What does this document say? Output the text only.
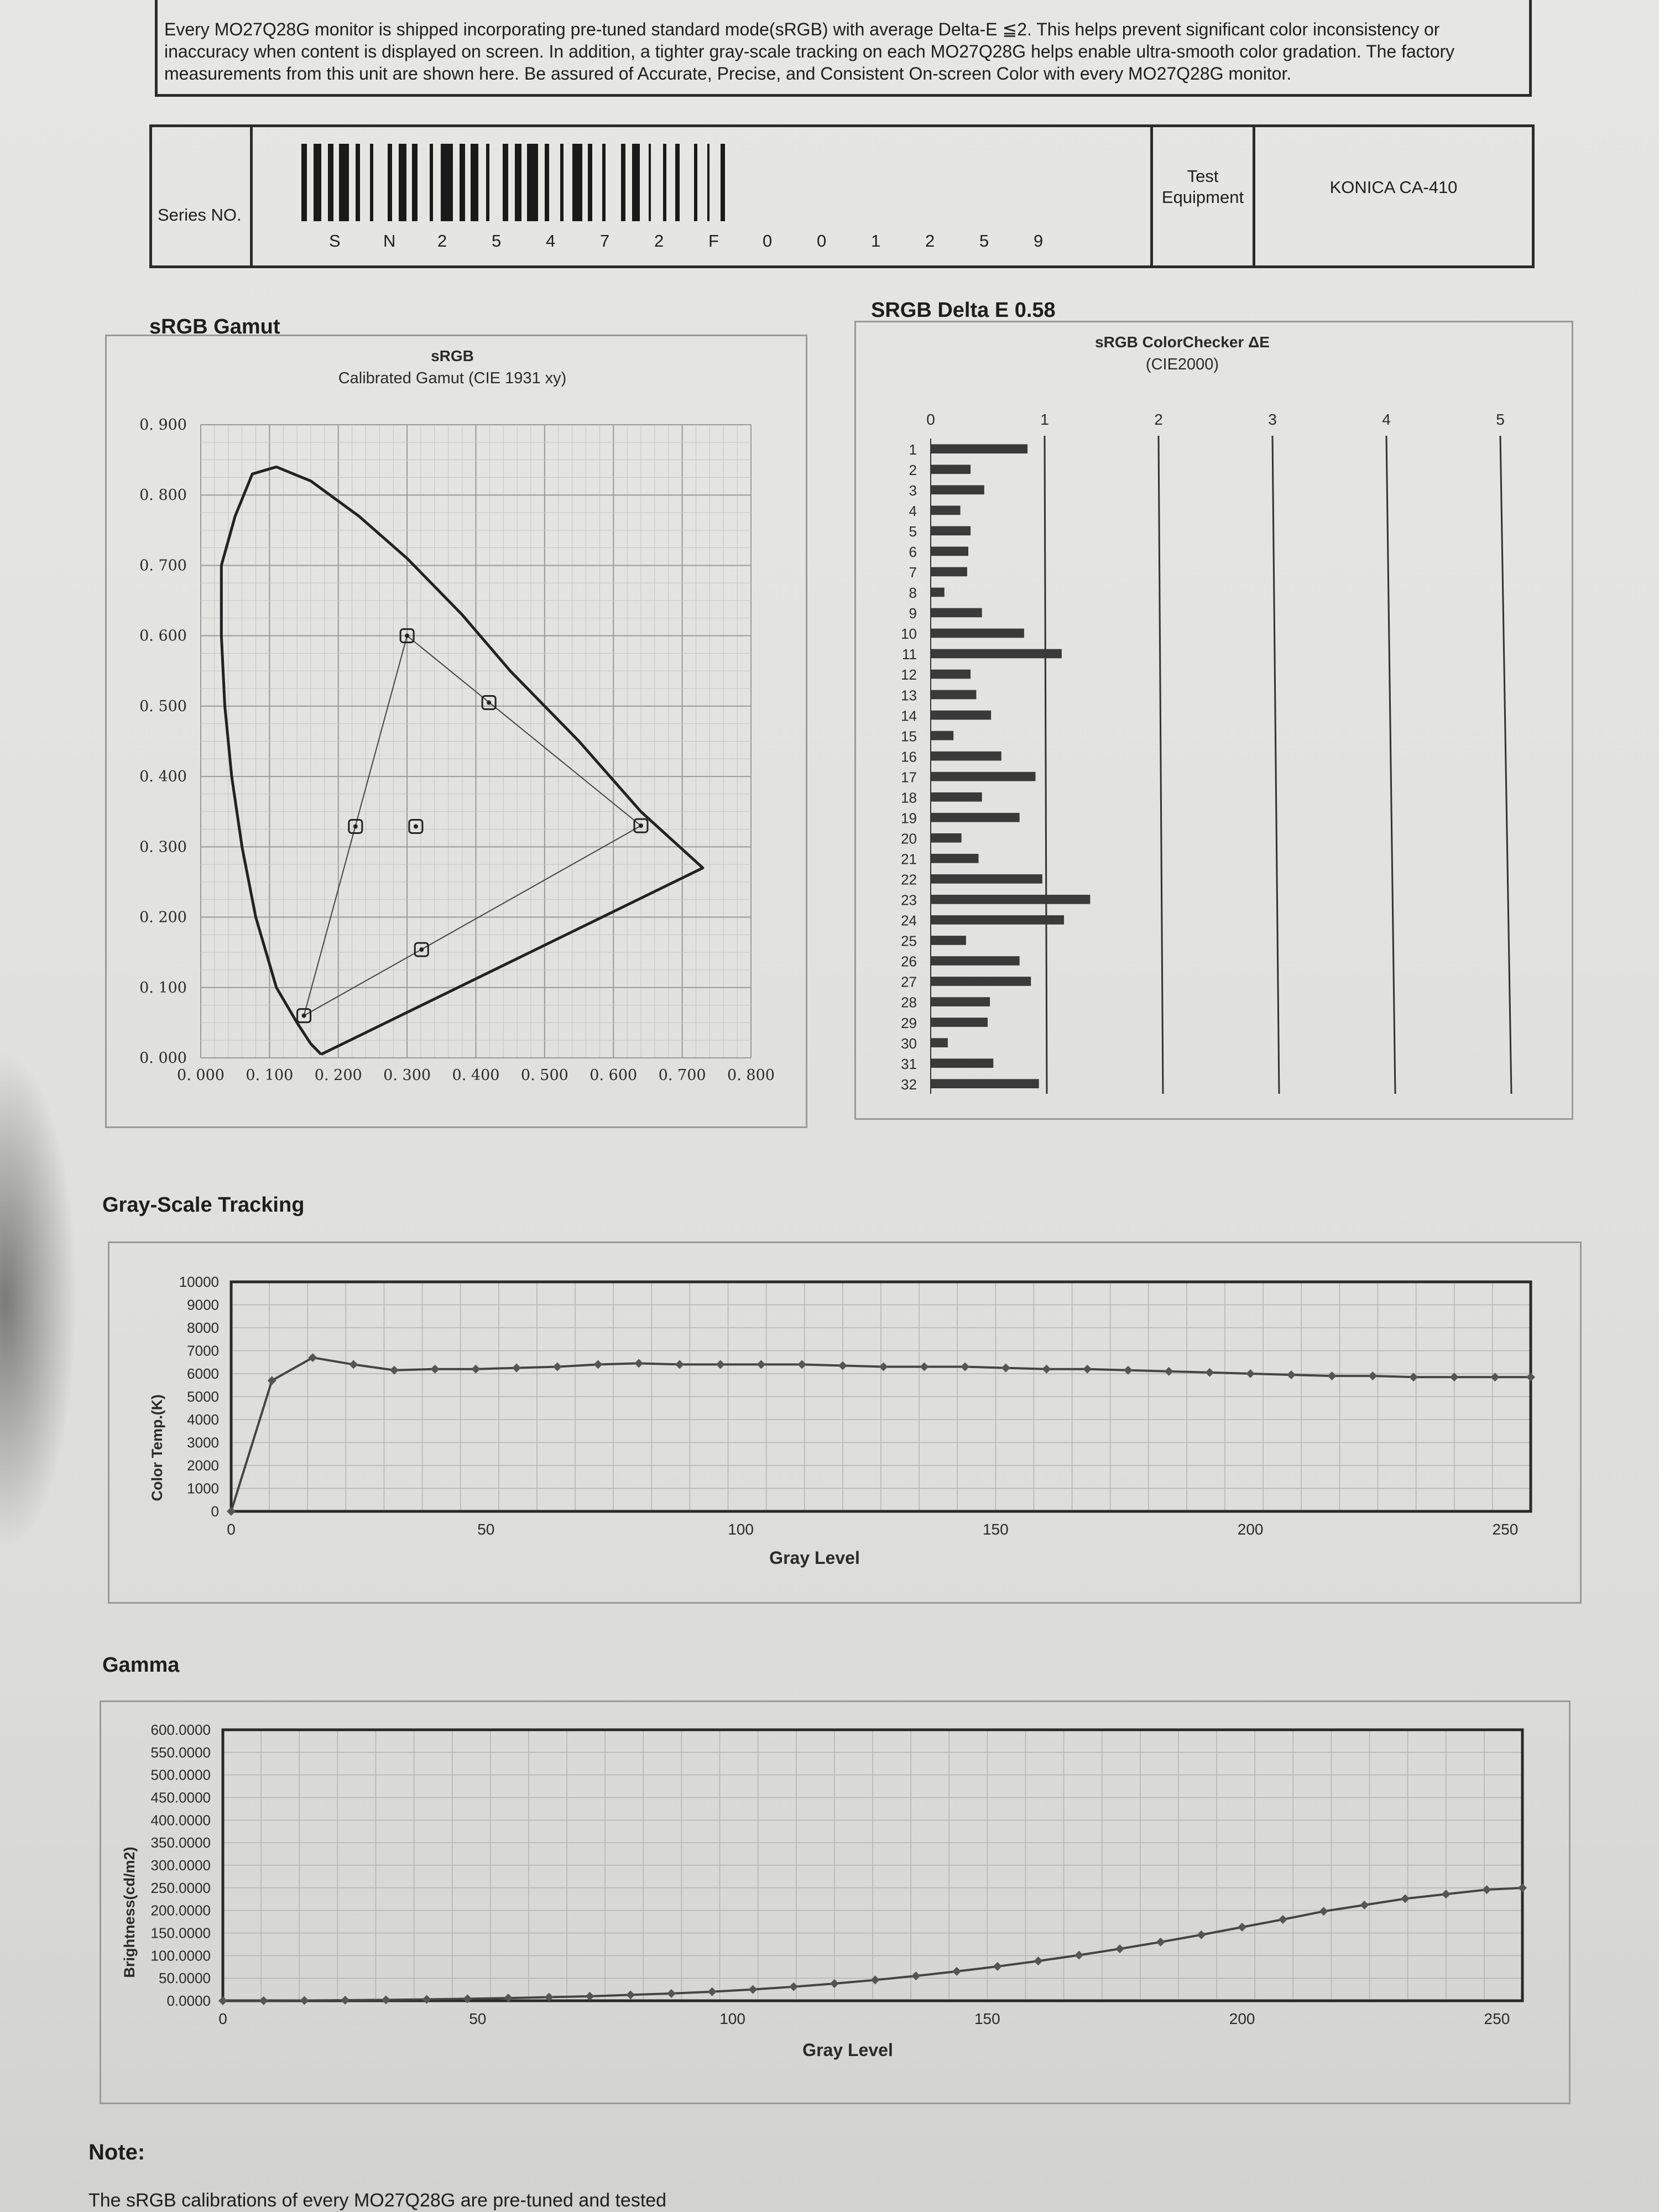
Every MO27Q28G monitor is shipped incorporating pre-tuned standard mode(sRGB) with average Delta-E ≦2. This helps prevent significant color inconsistency or inaccuracy when content is displayed on screen. In addition, a tighter gray-scale tracking on each MO27Q28G helps enable ultra-smooth color gradation. The factory measurements from this unit are shown here. Be assured of Accurate, Precise, and Consistent On-screen Color with every MO27Q28G monitor.

Series NO.
S N 2	5	4	7	2	F	0	0	1	2	5	9
Test Equipment
KONICA CA-410
sRGB Gamut
SRGB Delta E 0.58
Gray-Scale Tracking
Gamma
sRGB
Calibrated Gamut (CIE 1931 xy)
0. 000 0. 100 0. 200 0. 300 0. 400 0. 500 0. 600 0. 700 0. 800
0. 000
0. 100
0. 200
0. 300
0. 400
0. 500
0. 600
0. 700
0. 800
0. 900
sRGB ColorChecker ΔE
(CIE2000)
0	1	2	3	4	5
1
2
3
4
5
6
7
8
9
10
11
12
13
14
15
16
17
18
19
20
21
22
23
24
25
26
27
28
29
30
31
32
Color Temp.(K)
Gray Level
0
1000
2000
3000
4000
5000
6000
7000
8000
9000
10000
0	50	100	150	200	250
Brightness(cd/m2)
Gray Level
0.0000
50.0000
100.0000
150.0000
200.0000
250.0000
300.0000
350.0000
400.0000
450.0000
500.0000
550.0000
600.0000
0	50	100	150	200	250
Note:
The sRGB calibrations of every MO27Q28G are pre-tuned and tested
